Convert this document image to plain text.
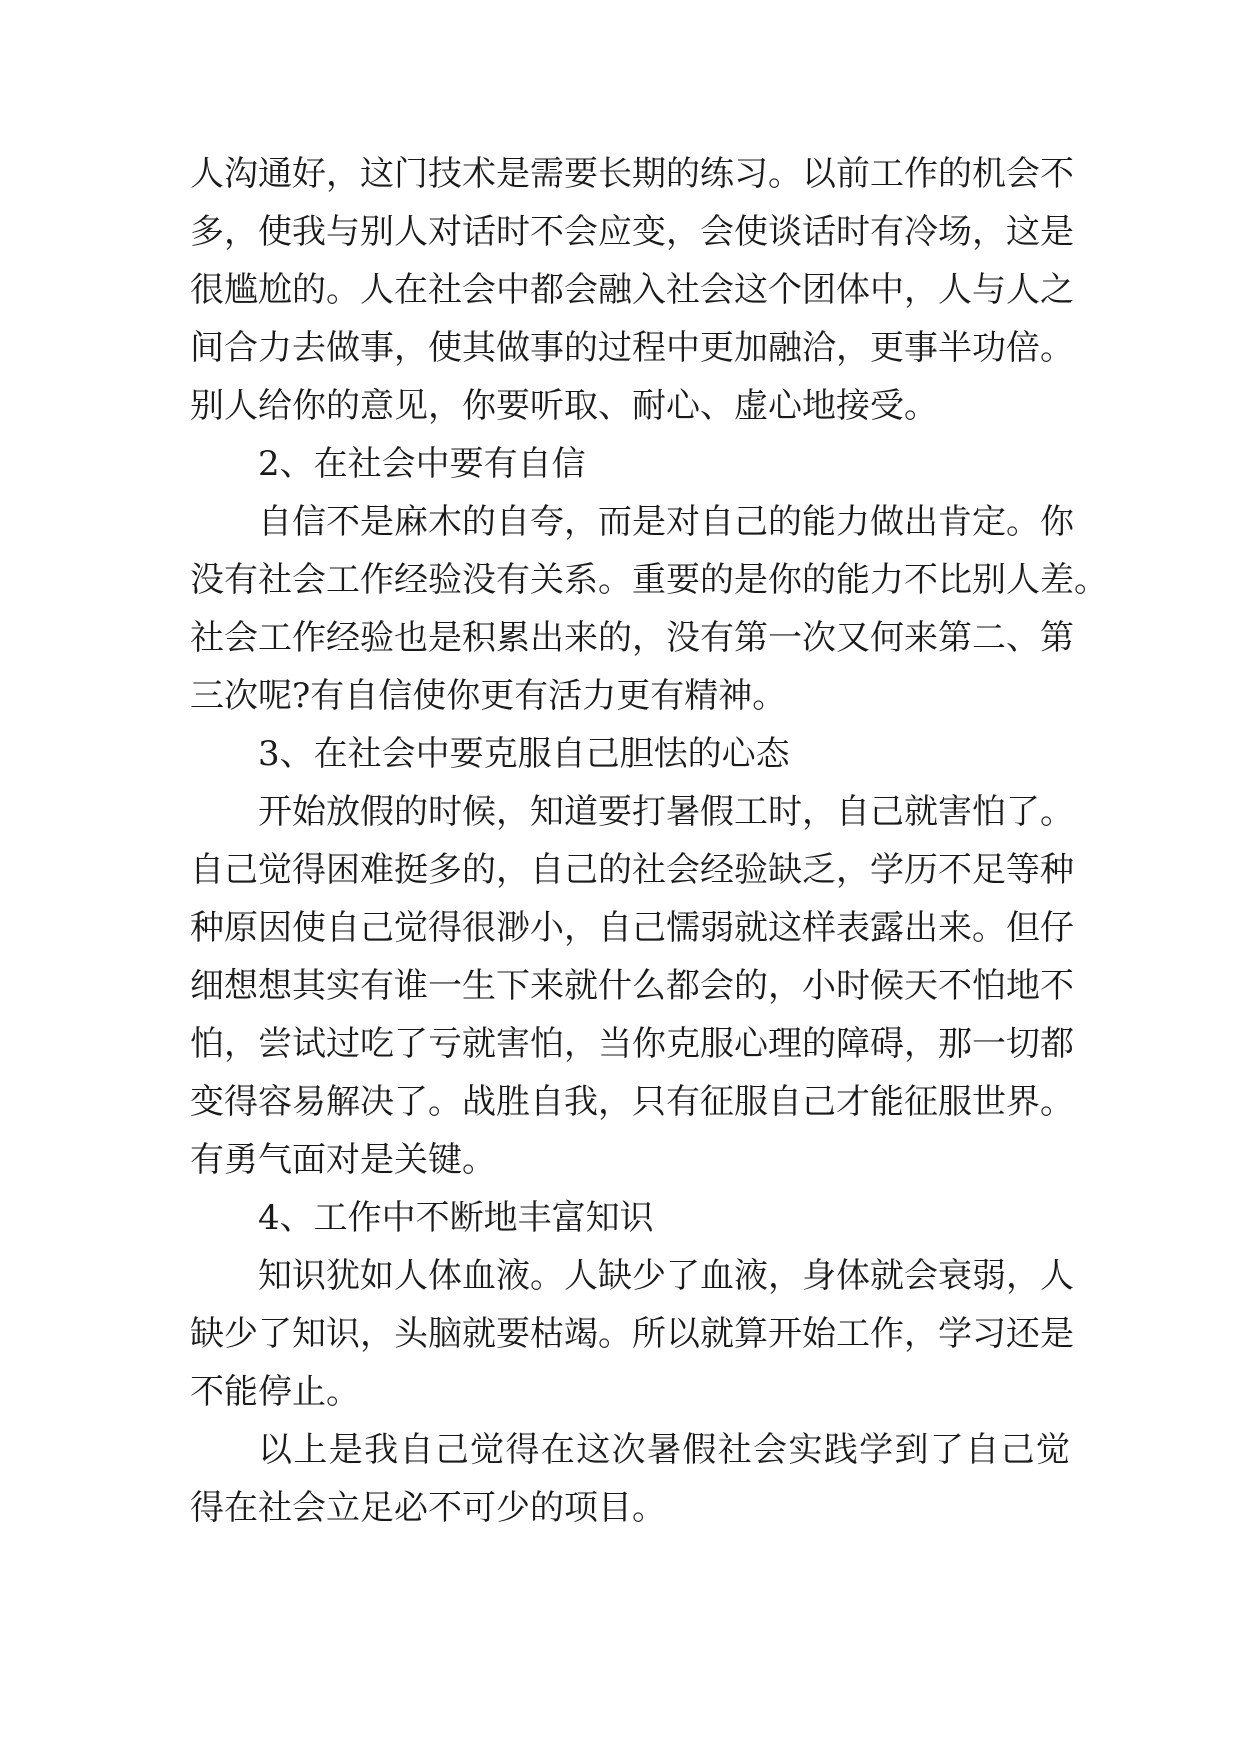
人沟通好，这门技术是需要长期的练习。以前工作的机会不
多，使我与别人对话时不会应变，会使谈话时有冷场，这是
很尴尬的。人在社会中都会融入社会这个团体中，人与人之
间合力去做事，使其做事的过程中更加融洽，更事半功倍。
别人给你的意见，你要听取、耐心、虚心地接受。
2、在社会中要有自信
自信不是麻木的自夸，而是对自己的能力做出肯定。你
没有社会工作经验没有关系。重要的是你的能力不比别人差。
社会工作经验也是积累出来的，没有第一次又何来第二、第
三次呢?有自信使你更有活力更有精神。
3、在社会中要克服自己胆怯的心态
开始放假的时候，知道要打暑假工时，自己就害怕了。
自己觉得困难挺多的，自己的社会经验缺乏，学历不足等种
种原因使自己觉得很渺小，自己懦弱就这样表露出来。但仔
细想想其实有谁一生下来就什么都会的，小时候天不怕地不
怕，尝试过吃了亏就害怕，当你克服心理的障碍，那一切都
变得容易解决了。战胜自我，只有征服自己才能征服世界。
有勇气面对是关键。
4、工作中不断地丰富知识
知识犹如人体血液。人缺少了血液，身体就会衰弱，人
缺少了知识，头脑就要枯竭。所以就算开始工作，学习还是
不能停止。
以上是我自己觉得在这次暑假社会实践学到了自己觉
得在社会立足必不可少的项目。
